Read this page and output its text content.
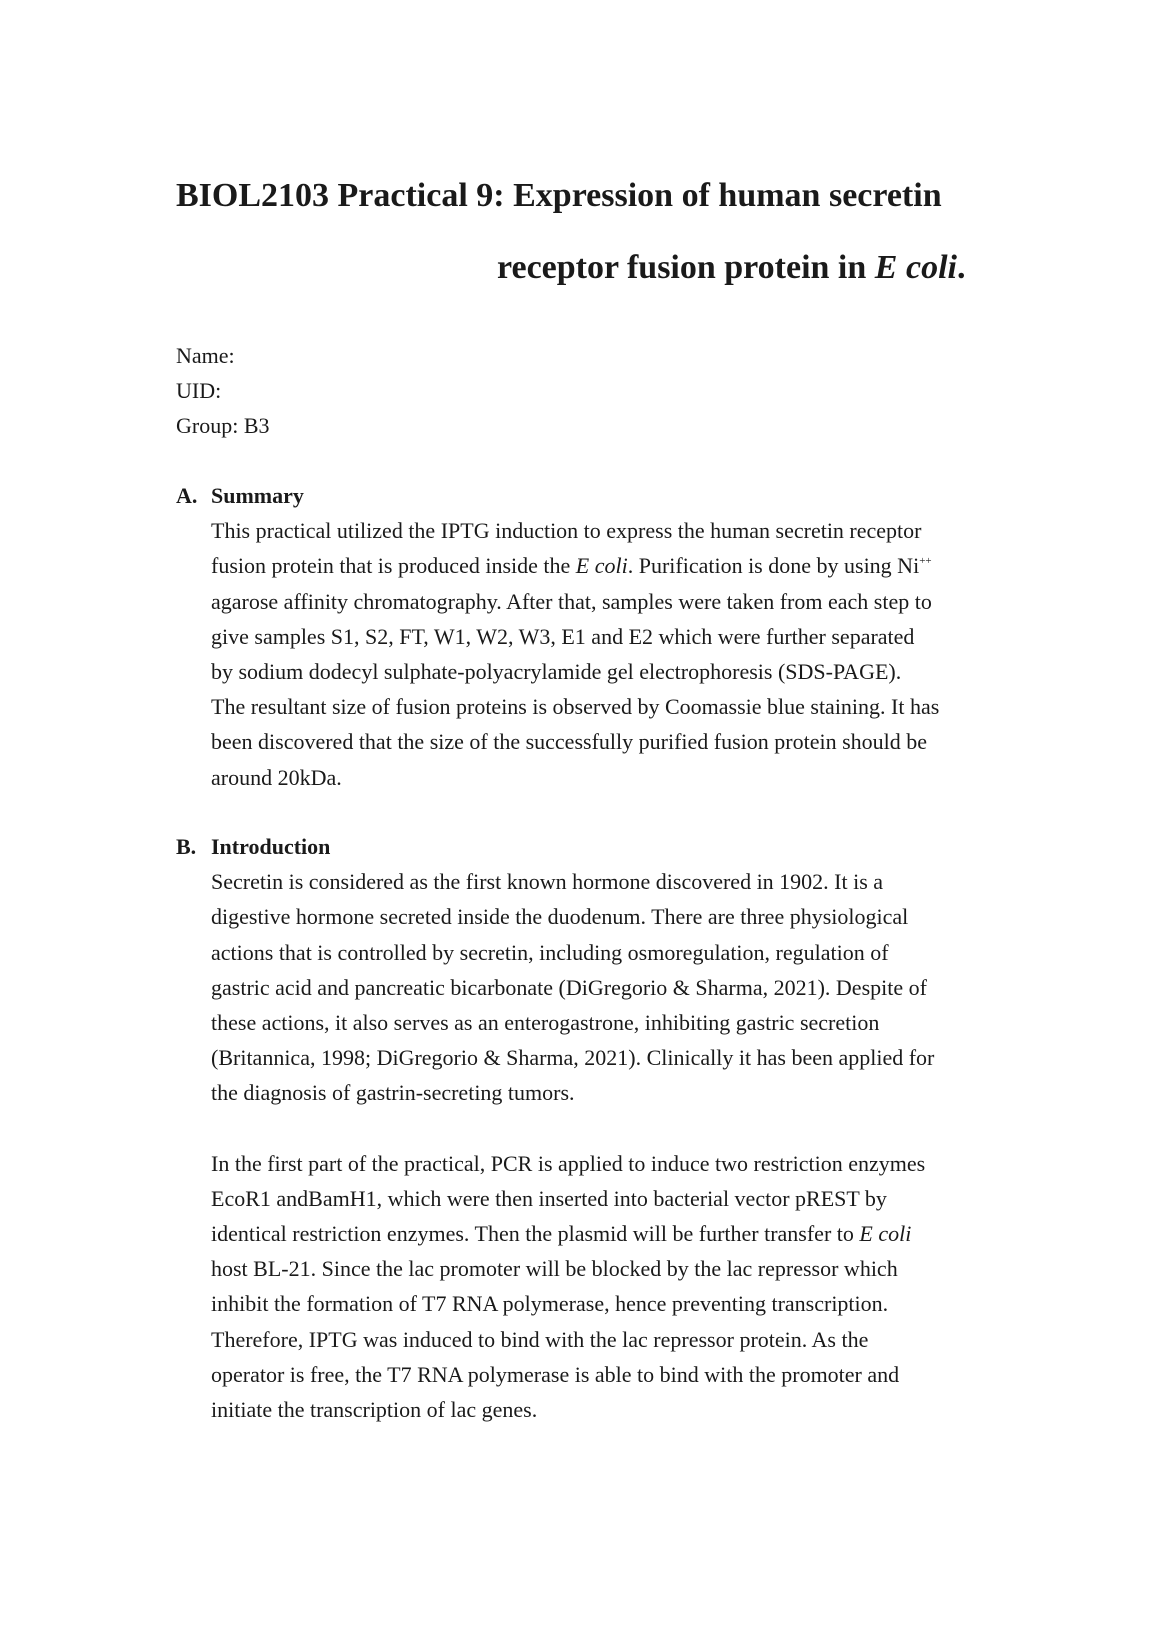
BIOL2103 Practical 9: Expression of human secretin
receptor fusion protein in E coli.
Name:
UID:
Group: B3
A. Summary
This practical utilized the IPTG induction to express the human secretin receptor
fusion protein that is produced inside the E coli. Purification is done by using Ni++
agarose affinity chromatography. After that, samples were taken from each step to
give samples S1, S2, FT, W1, W2, W3, E1 and E2 which were further separated
by sodium dodecyl sulphate-polyacrylamide gel electrophoresis (SDS-PAGE).
The resultant size of fusion proteins is observed by Coomassie blue staining. It has
been discovered that the size of the successfully purified fusion protein should be
around 20kDa.
B. Introduction
Secretin is considered as the first known hormone discovered in 1902. It is a
digestive hormone secreted inside the duodenum. There are three physiological
actions that is controlled by secretin, including osmoregulation, regulation of
gastric acid and pancreatic bicarbonate (DiGregorio & Sharma, 2021). Despite of
these actions, it also serves as an enterogastrone, inhibiting gastric secretion
(Britannica, 1998; DiGregorio & Sharma, 2021). Clinically it has been applied for
the diagnosis of gastrin-secreting tumors.
In the first part of the practical, PCR is applied to induce two restriction enzymes
EcoR1 andBamH1, which were then inserted into bacterial vector pREST by
identical restriction enzymes. Then the plasmid will be further transfer to E coli
host BL-21. Since the lac promoter will be blocked by the lac repressor which
inhibit the formation of T7 RNA polymerase, hence preventing transcription.
Therefore, IPTG was induced to bind with the lac repressor protein. As the
operator is free, the T7 RNA polymerase is able to bind with the promoter and
initiate the transcription of lac genes.
